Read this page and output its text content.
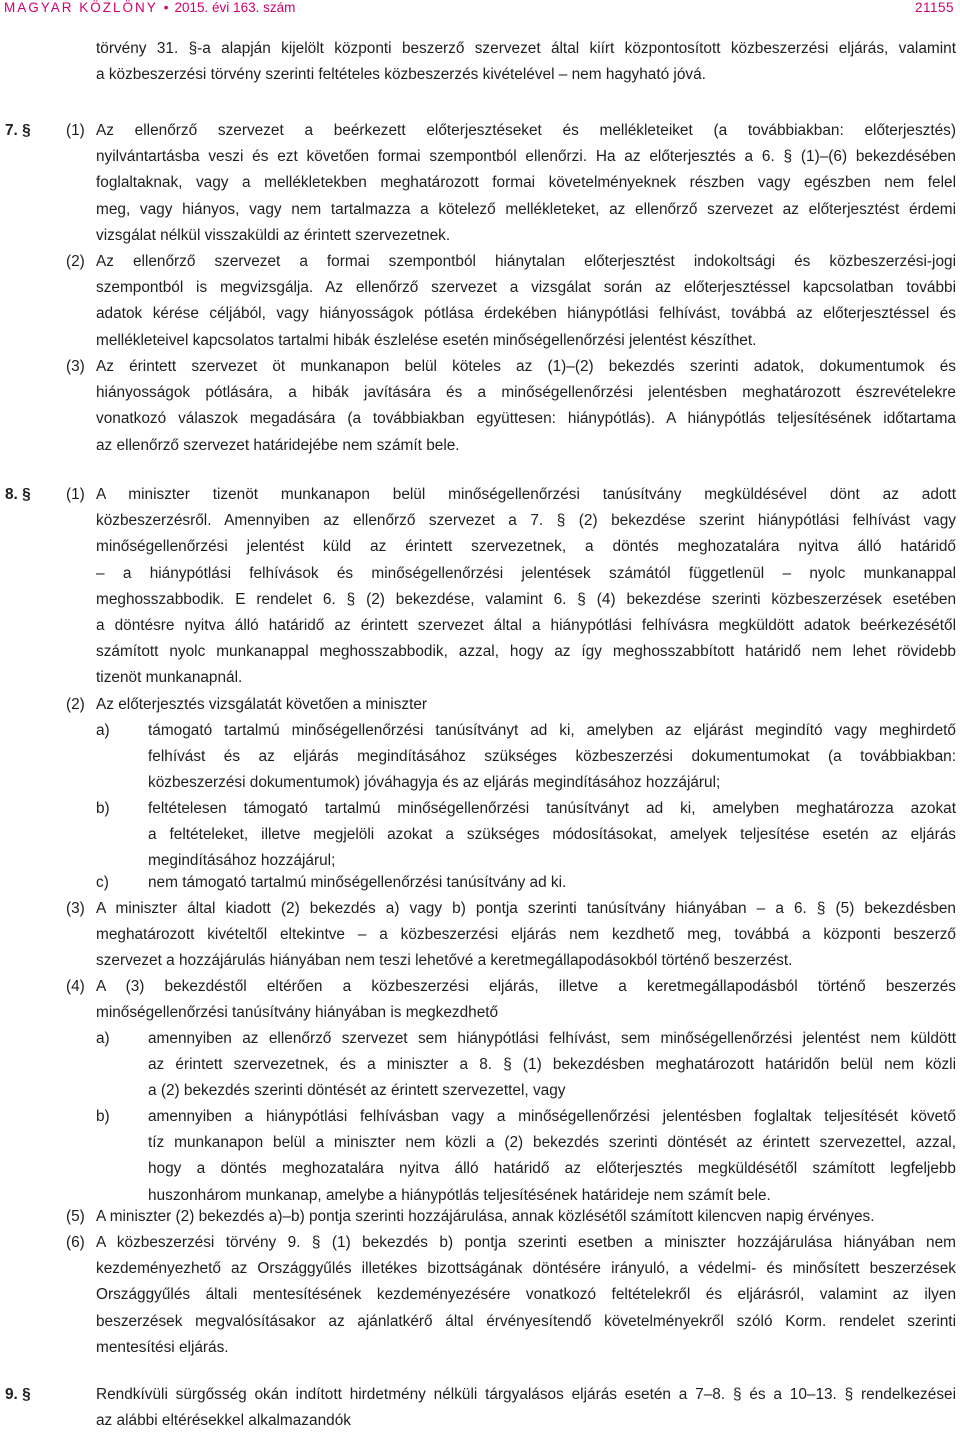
MAGYAR KÖZLÖNY • 2015. évi 163. szám	21155
törvény 31. §-a alapján kijelölt központi beszerző szervezet által kiírt központosított közbeszerzési eljárás, valamint
a közbeszerzési törvény szerinti feltételes közbeszerzés kivételével – nem hagyható jóvá.
7. § (1) Az ellenőrző szervezet a beérkezett előterjesztéseket és mellékleteiket (a továbbiakban: előterjesztés)
nyilvántartásba veszi és ezt követően formai szempontból ellenőrzi. Ha az előterjesztés a 6. § (1)–(6) bekezdésében
foglaltaknak, vagy a mellékletekben meghatározott formai követelményeknek részben vagy egészben nem felel
meg, vagy hiányos, vagy nem tartalmazza a kötelező mellékleteket, az ellenőrző szervezet az előterjesztést érdemi
vizsgálat nélkül visszaküldi az érintett szervezetnek.
(2) Az ellenőrző szervezet a formai szempontból hiánytalan előterjesztést indokoltsági és közbeszerzési-jogi
szempontból is megvizsgálja. Az ellenőrző szervezet a vizsgálat során az előterjesztéssel kapcsolatban további
adatok kérése céljából, vagy hiányosságok pótlása érdekében hiánypótlási felhívást, továbbá az előterjesztéssel és
mellékleteivel kapcsolatos tartalmi hibák észlelése esetén minőségellenőrzési jelentést készíthet.
(3) Az érintett szervezet öt munkanapon belül köteles az (1)–(2) bekezdés szerinti adatok, dokumentumok és
hiányosságok pótlására, a hibák javítására és a minőségellenőrzési jelentésben meghatározott észrevételekre
vonatkozó válaszok megadására (a továbbiakban együttesen: hiánypótlás). A hiánypótlás teljesítésének időtartama
az ellenőrző szervezet határidejébe nem számít bele.
8. § (1) A miniszter tizenöt munkanapon belül minőségellenőrzési tanúsítvány megküldésével dönt az adott
közbeszerzésről. Amennyiben az ellenőrző szervezet a 7. § (2) bekezdése szerint hiánypótlási felhívást vagy
minőségellenőrzési jelentést küld az érintett szervezetnek, a döntés meghozatalára nyitva álló határidő
– a hiánypótlási felhívások és minőségellenőrzési jelentések számától függetlenül – nyolc munkanappal
meghosszabbodik. E rendelet 6. § (2) bekezdése, valamint 6. § (4) bekezdése szerinti közbeszerzések esetében
a döntésre nyitva álló határidő az érintett szervezet által a hiánypótlási felhívásra megküldött adatok beérkezésétől
számított nyolc munkanappal meghosszabbodik, azzal, hogy az így meghosszabbított határidő nem lehet rövidebb
tizenöt munkanapnál.
(2) Az előterjesztés vizsgálatát követően a miniszter
a) támogató tartalmú minőségellenőrzési tanúsítványt ad ki, amelyben az eljárást megindító vagy meghirdető
felhívást és az eljárás megindításához szükséges közbeszerzési dokumentumokat (a továbbiakban:
közbeszerzési dokumentumok) jóváhagyja és az eljárás megindításához hozzájárul;
b) feltételesen támogató tartalmú minőségellenőrzési tanúsítványt ad ki, amelyben meghatározza azokat
a feltételeket, illetve megjelöli azokat a szükséges módosításokat, amelyek teljesítése esetén az eljárás
megindításához hozzájárul;
c)	nem támogató tartalmú minőségellenőrzési tanúsítvány ad ki.
(3) A miniszter által kiadott (2) bekezdés a) vagy b) pontja szerinti tanúsítvány hiányában – a 6. § (5) bekezdésben
meghatározott kivételtől eltekintve – a közbeszerzési eljárás nem kezdhető meg, továbbá a központi beszerző
szervezet a hozzájárulás hiányában nem teszi lehetővé a keretmegállapodásokból történő beszerzést.
(4) A (3) bekezdéstől eltérően a közbeszerzési eljárás, illetve a keretmegállapodásból történő beszerzés
minőségellenőrzési tanúsítvány hiányában is megkezdhető
a) amennyiben az ellenőrző szervezet sem hiánypótlási felhívást, sem minőségellenőrzési jelentést nem küldött
az érintett szervezetnek, és a miniszter a 8. § (1) bekezdésben meghatározott határidőn belül nem közli
a (2) bekezdés szerinti döntését az érintett szervezettel, vagy
b) amennyiben a hiánypótlási felhívásban vagy a minőségellenőrzési jelentésben foglaltak teljesítését követő
tíz munkanapon belül a miniszter nem közli a (2) bekezdés szerinti döntését az érintett szervezettel, azzal,
hogy a döntés meghozatalára nyitva álló határidő az előterjesztés megküldésétől számított legfeljebb
huszonhárom munkanap, amelybe a hiánypótlás teljesítésének határideje nem számít bele.
(5) A miniszter (2) bekezdés a)–b) pontja szerinti hozzájárulása, annak közlésétől számított kilencven napig érvényes.
(6) A közbeszerzési törvény 9. § (1) bekezdés b) pontja szerinti esetben a miniszter hozzájárulása hiányában nem
kezdeményezhető az Országgyűlés illetékes bizottságának döntésére irányuló, a védelmi- és minősített beszerzések
Országgyűlés általi mentesítésének kezdeményezésére vonatkozó feltételekről és eljárásról, valamint az ilyen
beszerzések megvalósításakor az ajánlatkérő által érvényesítendő követelményekről szóló Korm. rendelet szerinti
mentesítési eljárás.
9. §	Rendkívüli sürgősség okán indított hirdetmény nélküli tárgyalásos eljárás esetén a 7–8. § és a 10–13. § rendelkezései
az alábbi eltérésekkel alkalmazandók
